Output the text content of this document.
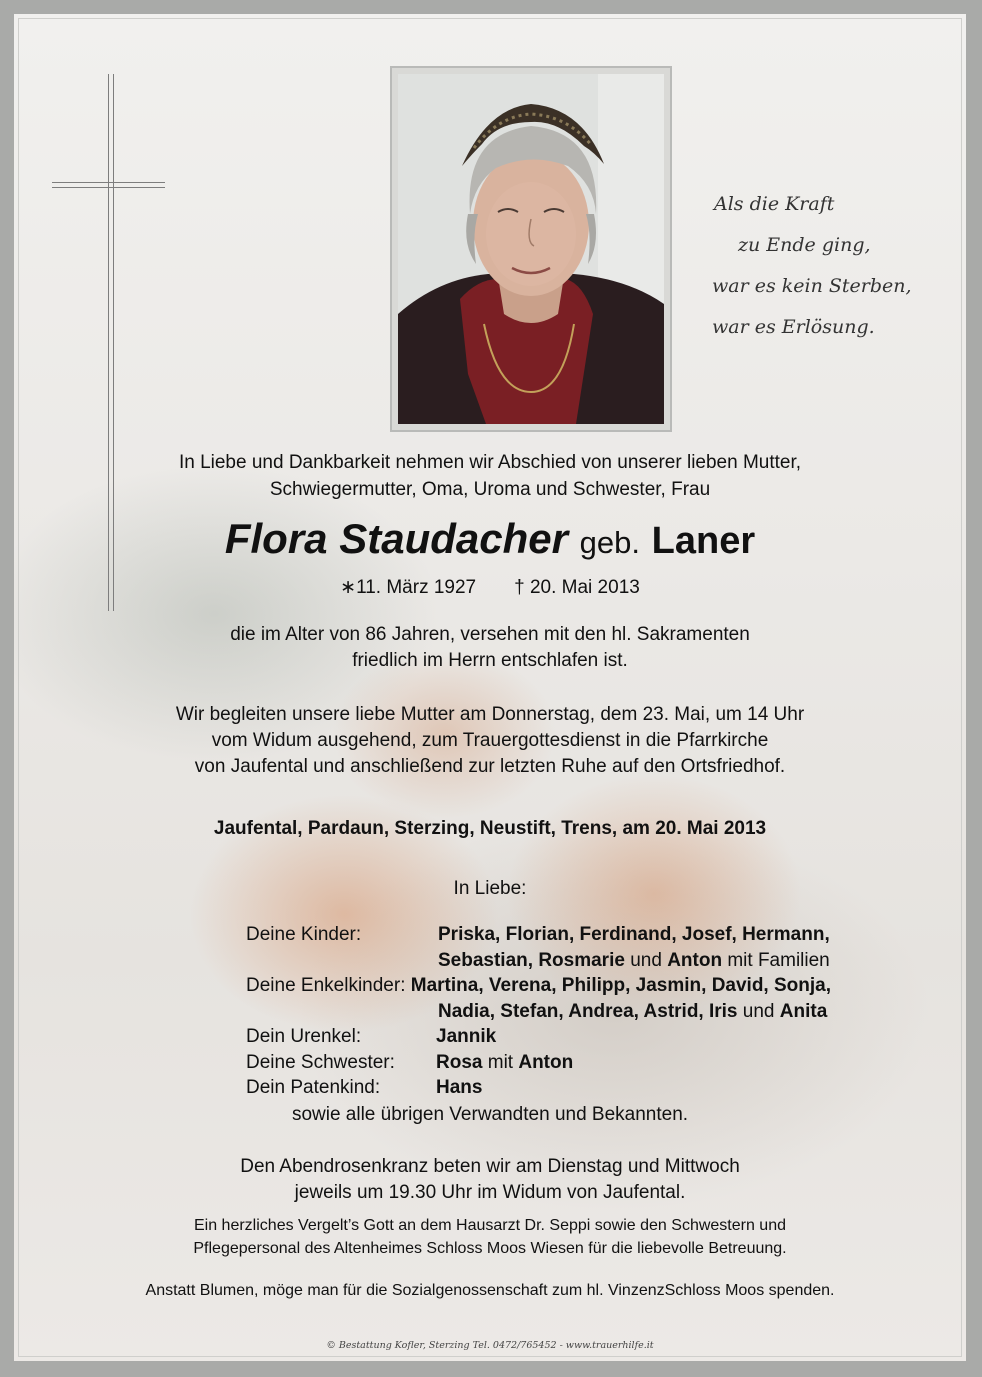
Als die Kraft
zu Ende ging,
war es kein Sterben,
war es Erlösung.
In Liebe und Dankbarkeit nehmen wir Abschied von unserer lieben Mutter,
Schwiegermutter, Oma, Uroma und Schwester, Frau
Flora Staudacher geb. Laner
∗11. März 1927 † 20. Mai 2013
die im Alter von 86 Jahren, versehen mit den hl. Sakramenten
friedlich im Herrn entschlafen ist.
Wir begleiten unsere liebe Mutter am Donnerstag, dem 23. Mai, um 14 Uhr
vom Widum ausgehend, zum Trauergottesdienst in die Pfarrkirche
von Jaufental und anschließend zur letzten Ruhe auf den Ortsfriedhof.
Jaufental, Pardaun, Sterzing, Neustift, Trens, am 20. Mai 2013
In Liebe:
Deine Kinder:	Priska, Florian, Ferdinand, Josef, Hermann,
Sebastian, Rosmarie und Anton mit Familien
Deine Enkelkinder: Martina, Verena, Philipp, Jasmin, David, Sonja,
Nadia, Stefan, Andrea, Astrid, Iris und Anita
Dein Urenkel:	Jannik
Deine Schwester: Rosa mit Anton
Dein Patenkind:	Hans
sowie alle übrigen Verwandten und Bekannten.
Den Abendrosenkranz beten wir am Dienstag und Mittwoch
jeweils um 19.30 Uhr im Widum von Jaufental.
Ein herzliches Vergelt’s Gott an dem Hausarzt Dr. Seppi sowie den Schwestern und
Pflegepersonal des Altenheimes Schloss Moos Wiesen für die liebevolle Betreuung.
Anstatt Blumen, möge man für die Sozialgenossenschaft zum hl. VinzenzSchloss Moos spenden.
© Bestattung Kofler, Sterzing Tel. 0472/765452 - www.trauerhilfe.it
